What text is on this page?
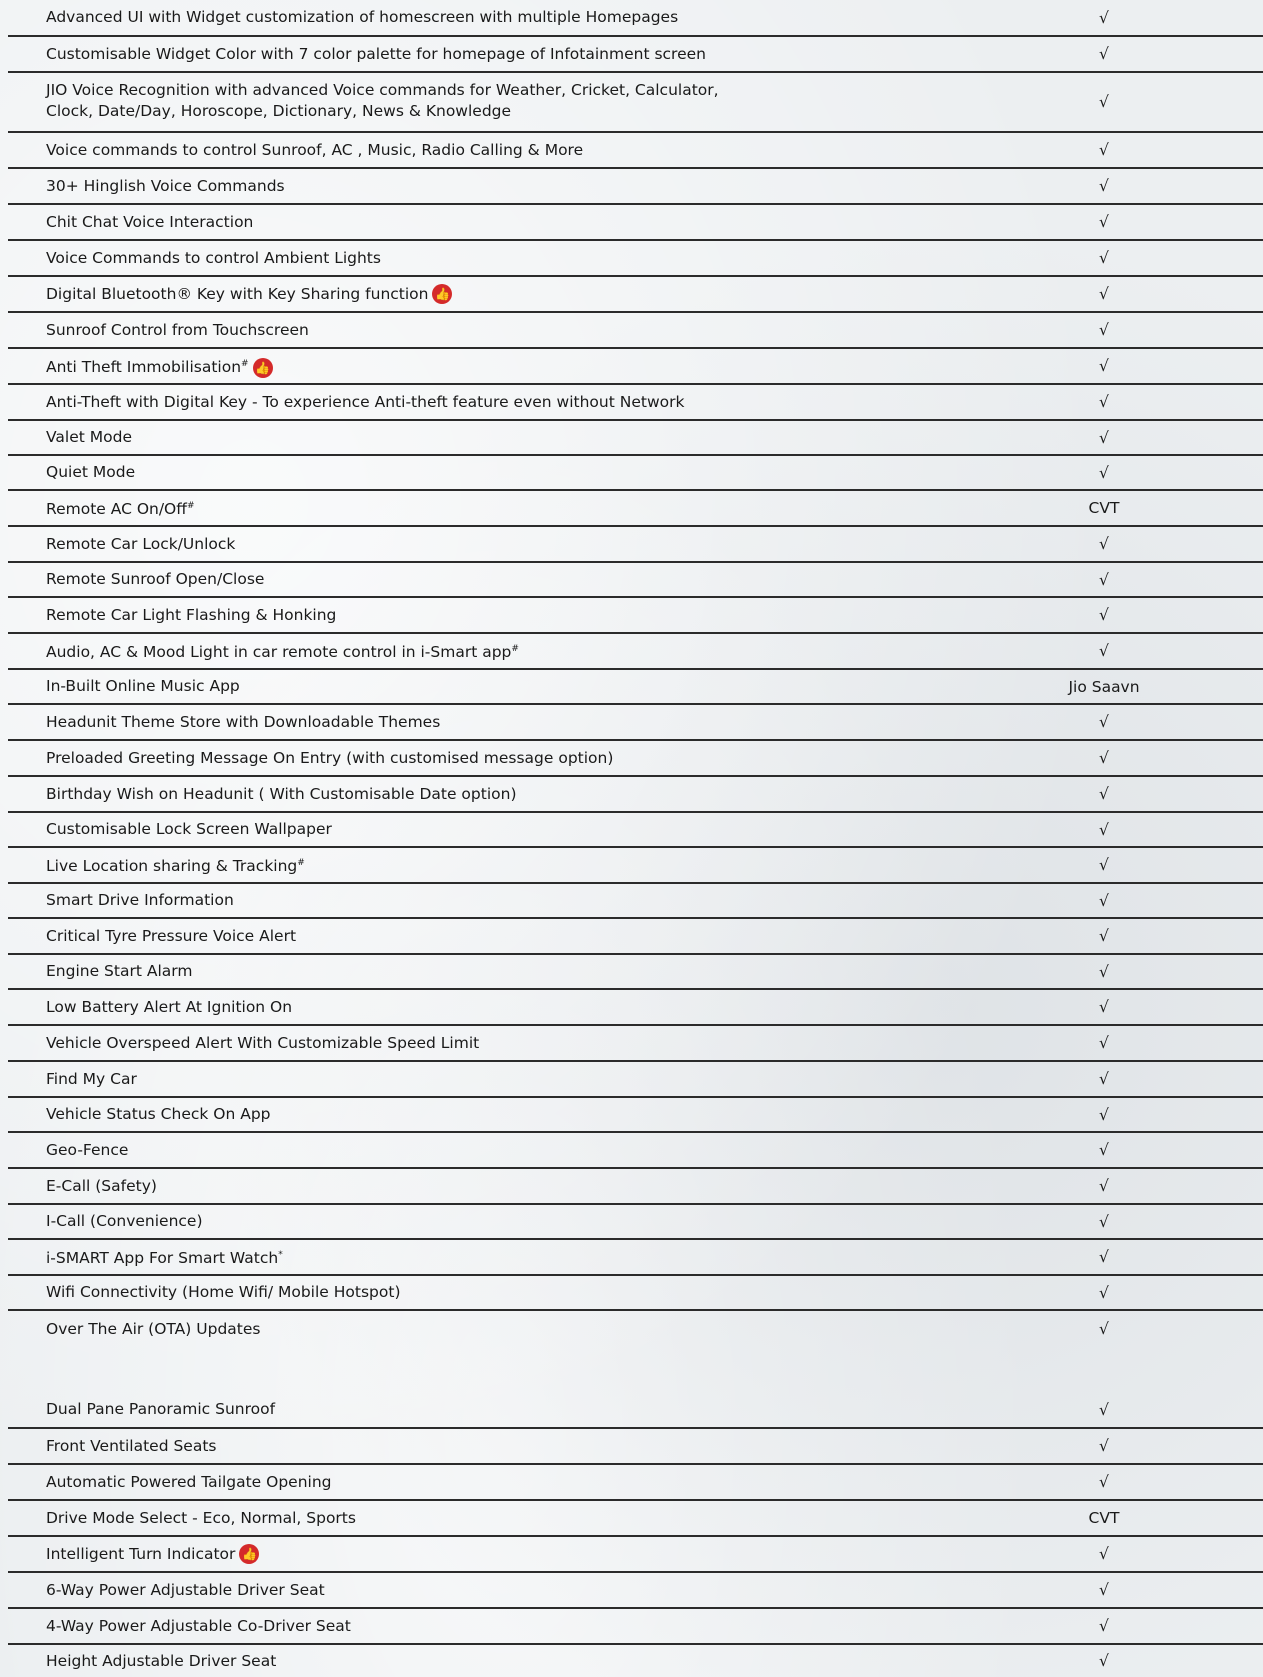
Advanced UI with Widget customization of homescreen with multiple Homepages	√
Customisable Widget Color with 7 color palette for homepage of Infotainment screen	√
JIO Voice Recognition with advanced Voice commands for Weather, Cricket, Calculator,
Clock, Date/Day, Horoscope, Dictionary, News & Knowledge	√
Voice commands to control Sunroof, AC , Music, Radio Calling & More	√
30+ Hinglish Voice Commands	√
Chit Chat Voice Interaction	√
Voice Commands to control Ambient Lights	√
Digital Bluetooth® Key with Key Sharing function 👍	√
Sunroof Control from Touchscreen	√
Anti Theft Immobilisation# 👍	√
Anti-Theft with Digital Key - To experience Anti-theft feature even without Network	√
Valet Mode	√
Quiet Mode	√
Remote AC On/Off#	CVT
Remote Car Lock/Unlock	√
Remote Sunroof Open/Close	√
Remote Car Light Flashing & Honking	√
Audio, AC & Mood Light in car remote control in i-Smart app#	√
In-Built Online Music App	Jio Saavn
Headunit Theme Store with Downloadable Themes	√
Preloaded Greeting Message On Entry (with customised message option)	√
Birthday Wish on Headunit ( With Customisable Date option)	√
Customisable Lock Screen Wallpaper	√
Live Location sharing & Tracking#	√
Smart Drive Information	√
Critical Tyre Pressure Voice Alert	√
Engine Start Alarm	√
Low Battery Alert At Ignition On	√
Vehicle Overspeed Alert With Customizable Speed Limit	√
Find My Car	√
Vehicle Status Check On App	√
Geo-Fence	√
E-Call (Safety)	√
I-Call (Convenience)	√
i-SMART App For Smart Watch*	√
Wifi Connectivity (Home Wifi/ Mobile Hotspot)	√
Over The Air (OTA) Updates	√
Dual Pane Panoramic Sunroof	√
Front Ventilated Seats	√
Automatic Powered Tailgate Opening	√
Drive Mode Select - Eco, Normal, Sports	CVT
Intelligent Turn Indicator 👍	√
6-Way Power Adjustable Driver Seat	√
4-Way Power Adjustable Co-Driver Seat	√
Height Adjustable Driver Seat	√
